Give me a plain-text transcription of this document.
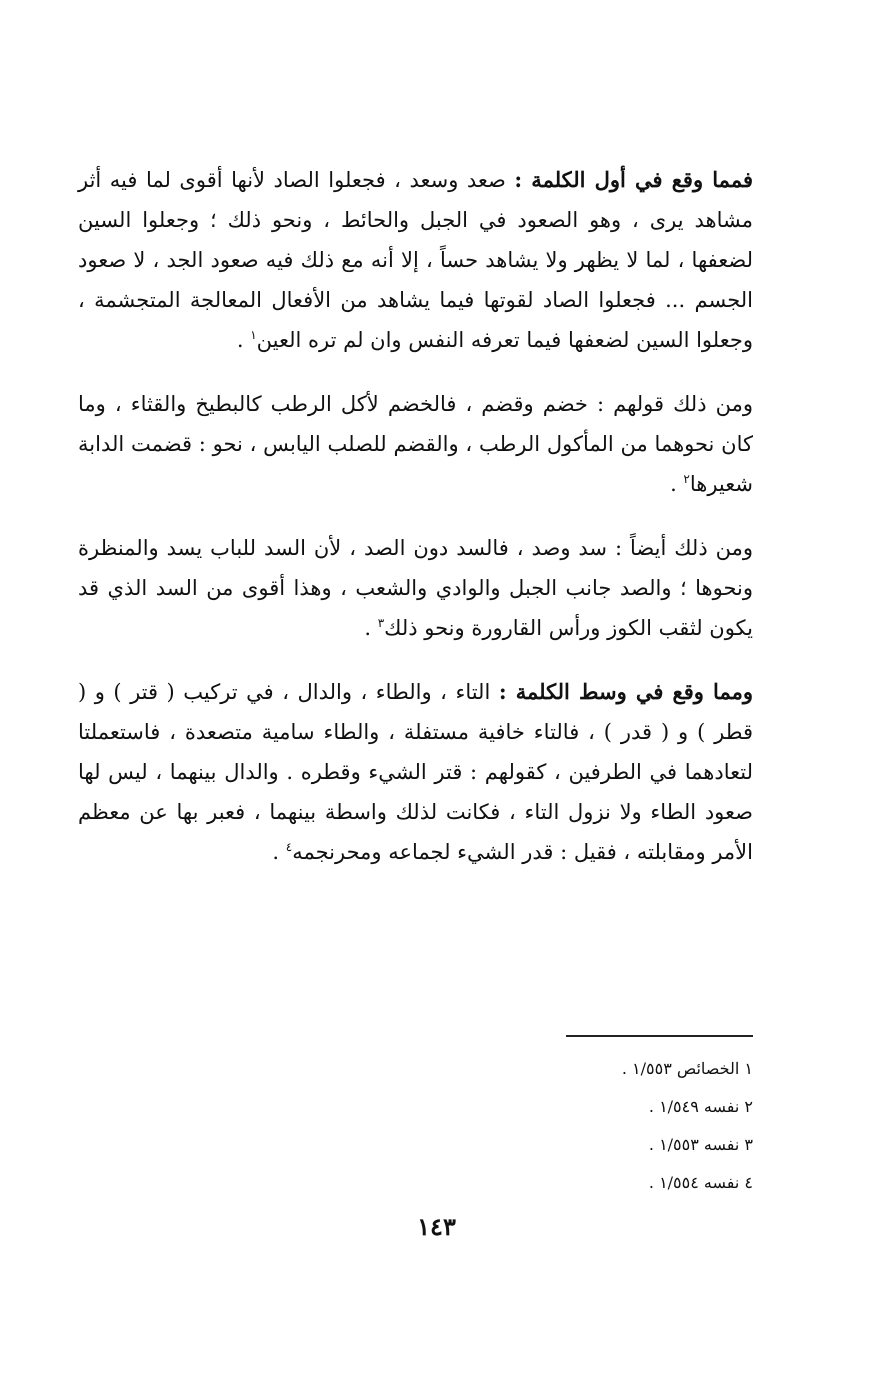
فمما وقع في أول الكلمة : صعد وسعد ، فجعلوا الصاد لأنها أقوى لما فيه أثر مشاهد يرى ، وهو الصعود في الجبل والحائط ، ونحو ذلك ؛ وجعلوا السين لضعفها ، لما لا يظهر ولا يشاهد حساً ، إلا أنه مع ذلك فيه صعود الجد ، لا صعود الجسم ... فجعلوا الصاد لقوتها فيما يشاهد من الأفعال المعالجة المتجشمة ، وجعلوا السين لضعفها فيما تعرفه النفس وان لم تره العين$^١$ .

ومن ذلك قولهم : خضم وقضم ، فالخضم لأكل الرطب كالبطيخ والقثاء ، وما كان نحوهما من المأكول الرطب ، والقضم للصلب اليابس ، نحو : قضمت الدابة شعيرها$^٢$ .

ومن ذلك أيضاً : سد وصد ، فالسد دون الصد ، لأن السد للباب يسد والمنظرة ونحوها ؛ والصد جانب الجبل والوادي والشعب ، وهذا أقوى من السد الذي قد يكون لثقب الكوز ورأس القارورة ونحو ذلك$^٣$ .

ومما وقع في وسط الكلمة : التاء ، والطاء ، والدال ، في تركيب ( قتر ) و ( قطر ) و ( قدر ) ، فالتاء خافية مستفلة ، والطاء سامية متصعدة ، فاستعملتا لتعادهما في الطرفين ، كقولهم : قتر الشيء وقطره . والدال بينهما ، ليس لها صعود الطاء ولا نزول التاء ، فكانت لذلك واسطة بينهما ، فعبر بها عن معظم الأمر ومقابلته ، فقيل : قدر الشيء لجماعه ومحرنجمه$^٤$ .

١ الخصائص ١/٥٥٣ .
٢ نفسه ١/٥٤٩ .
٣ نفسه ١/٥٥٣ .
٤ نفسه ١/٥٥٤ .
١٤٣
